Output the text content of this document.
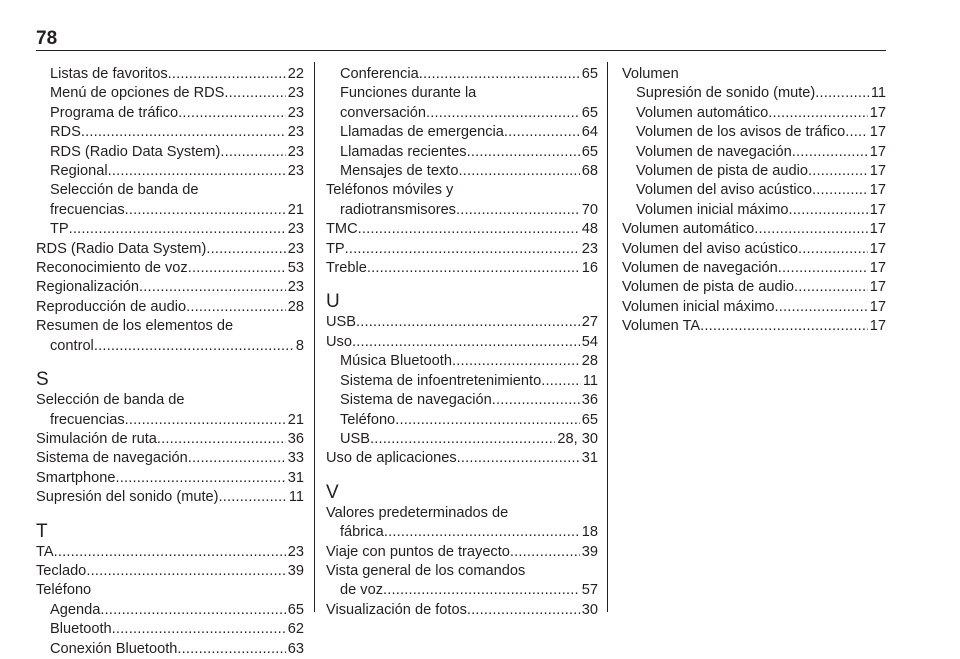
78
Listas de favoritos .....	22
Menú de opciones de RDS .....	23
Programa de tráfico .....	23
RDS .....	23
RDS (Radio Data System) .....	23
Regional .....	23
Selección de banda de
frecuencias .....	21
TP .....	23
RDS (Radio Data System) .....	23
Reconocimiento de voz .....	53
Regionalización .....	23
Reproducción de audio .....	28
Resumen de los elementos de
control .....	8
S
Selección de banda de
frecuencias .....	21
Simulación de ruta .....	36
Sistema de navegación .....	33
Smartphone .....	31
Supresión del sonido (mute) .....	11
T
TA .....	23
Teclado .....	39
Teléfono
Agenda .....	65
Bluetooth .....	62
Conexión Bluetooth .....	63
Conferencia .....	65
Funciones durante la
conversación .....	65
Llamadas de emergencia .....	64
Llamadas recientes .....	65
Mensajes de texto .....	68
Teléfonos móviles y
radiotransmisores .....	70
TMC .....	48
TP .....	23
Treble .....	16
U
USB .....	27
Uso .....	54
Música Bluetooth .....	28
Sistema de infoentretenimiento .....	11
Sistema de navegación .....	36
Teléfono .....	65
USB .....	28, 30
Uso de aplicaciones .....	31
V
Valores predeterminados de
fábrica .....	18
Viaje con puntos de trayecto .....	39
Vista general de los comandos
de voz .....	57
Visualización de fotos .....	30
Volumen
Supresión de sonido (mute) .....	11
Volumen automático .....	17
Volumen de los avisos de tráfico ..... 17
Volumen de navegación .....	17
Volumen de pista de audio .....	17
Volumen del aviso acústico .....	17
Volumen inicial máximo .....	17
Volumen automático .....	17
Volumen del aviso acústico .....	17
Volumen de navegación .....	17
Volumen de pista de audio .....	17
Volumen inicial máximo .....	17
Volumen TA .....	17
